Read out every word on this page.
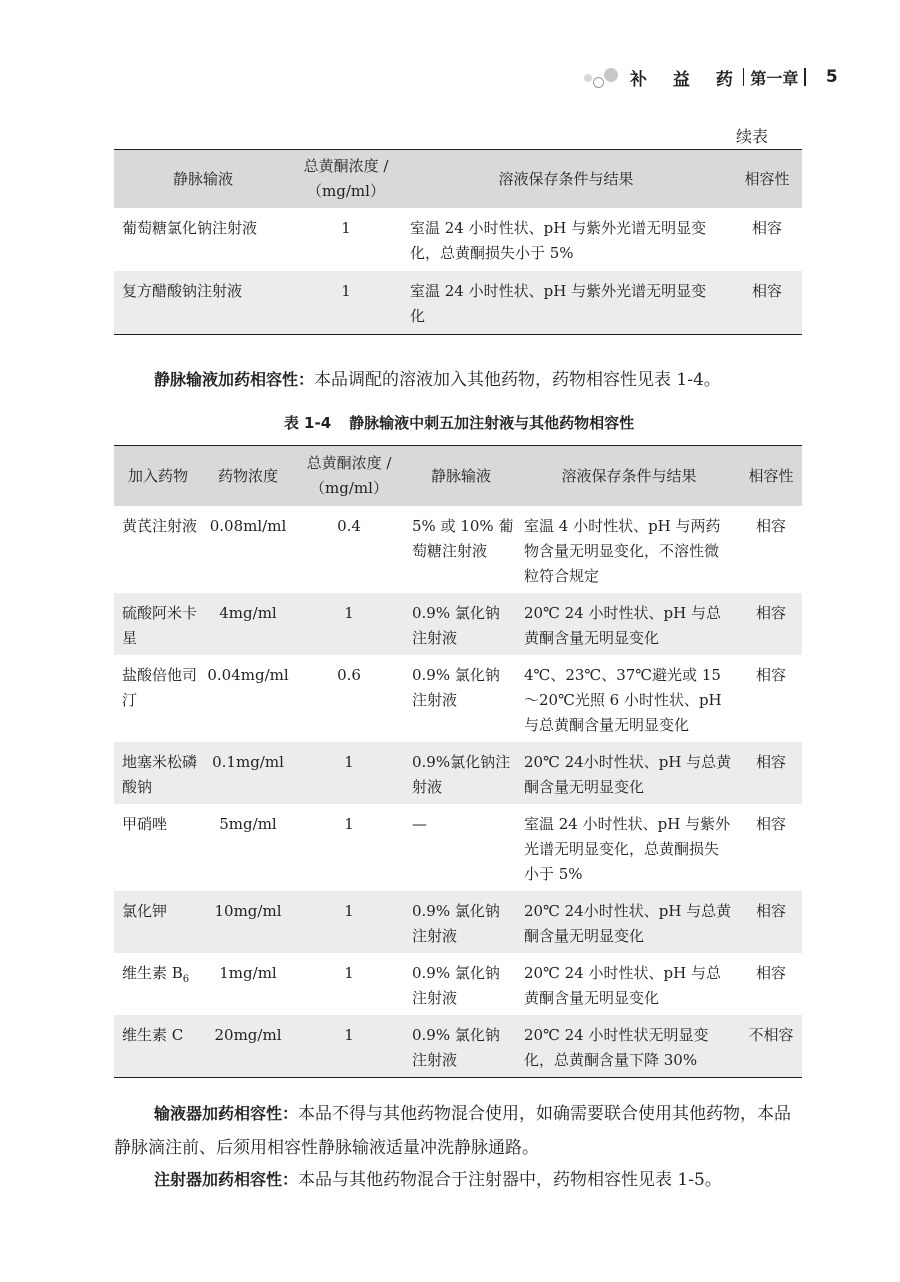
补 益 药 第一章 5
续表
静脉输液	总黄酮浓度 /（mg/ml）	溶液保存条件与结果	相容性

葡萄糖氯化钠注射液	1	室温 24 小时性状、pH 与紫外光谱无明显变化，总黄酮损失小于 5%	相容

复方醋酸钠注射液	1	室温 24 小时性状、pH 与紫外光谱无明显变化	相容
静脉输液加药相容性：本品调配的溶液加入其他药物，药物相容性见表 1-4。
表 1-4 静脉输液中刺五加注射液与其他药物相容性
加入药物	药物浓度	总黄酮浓度 /（mg/ml）	静脉输液	溶液保存条件与结果	相容性

黄芪注射液	0.08ml/ml	0.4	5% 或 10% 葡萄糖注射液	室温 4 小时性状、pH 与两药物含量无明显变化，不溶性微粒符合规定	相容

硫酸阿米卡星	4mg/ml	1	0.9% 氯化钠注射液	20℃ 24 小时性状、pH 与总黄酮含量无明显变化	相容

盐酸倍他司汀	0.04mg/ml	0.6	0.9% 氯化钠注射液	4℃、23℃、37℃避光或 15～20℃光照 6 小时性状、pH 与总黄酮含量无明显变化	相容

地塞米松磷酸钠	0.1mg/ml	1	0.9%氯化钠注射液	20℃ 24小时性状、pH 与总黄酮含量无明显变化	相容

甲硝唑	5mg/ml	1	—	室温 24 小时性状、pH 与紫外光谱无明显变化，总黄酮损失小于 5%	相容

氯化钾	10mg/ml	1	0.9% 氯化钠注射液	20℃ 24小时性状、pH 与总黄酮含量无明显变化	相容

维生素 $B_6$	1mg/ml	1	0.9% 氯化钠注射液	20℃ 24 小时性状、pH 与总黄酮含量无明显变化	相容

维生素 C	20mg/ml	1	0.9% 氯化钠注射液	20℃ 24 小时性状无明显变化，总黄酮含量下降 30%	不相容
输液器加药相容性：本品不得与其他药物混合使用，如确需要联合使用其他药物，本品静脉滴注前、后须用相容性静脉输液适量冲洗静脉通路。
注射器加药相容性：本品与其他药物混合于注射器中，药物相容性见表 1-5。
